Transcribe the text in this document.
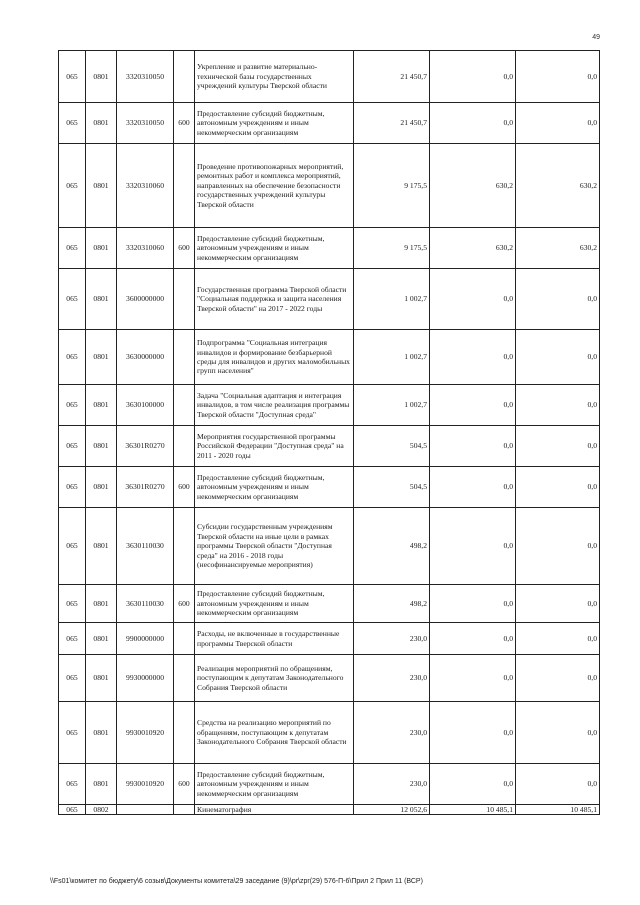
49
065	0801	3320310050		Укрепление и развитие материально-технической базы государственных учреждений культуры Тверской области	21 450,7	0,0	0,0
065	0801	3320310050	600	Предоставление субсидий бюджетным, автономным учреждениям и иным некоммерческим организациям	21 450,7	0,0	0,0
065	0801	3320310060		Проведение противопожарных мероприятий, ремонтных работ и комплекса мероприятий, направленных на обеспечение безопасности государственных учреждений культуры Тверской области	9 175,5	630,2	630,2
065	0801	3320310060	600	Предоставление субсидий бюджетным, автономным учреждениям и иным некоммерческим организациям	9 175,5	630,2	630,2
065	0801	3600000000		Государственная программа Тверской области "Социальная поддержка и защита населения Тверской области" на 2017 - 2022 годы	1 002,7	0,0	0,0
065	0801	3630000000		Подпрограмма "Социальная интеграция инвалидов и формирование безбарьерной среды для инвалидов и других маломобильных групп населения"	1 002,7	0,0	0,0
065	0801	3630100000		Задача "Социальная адаптация и интеграция инвалидов, в том числе реализация программы Тверской области "Доступная среда"	1 002,7	0,0	0,0
065	0801	36301R0270		Мероприятия государственной программы Российской Федерации "Доступная среда" на 2011 - 2020 годы	504,5	0,0	0,0
065	0801	36301R0270	600	Предоставление субсидий бюджетным, автономным учреждениям и иным некоммерческим организациям	504,5	0,0	0,0
065	0801	3630110030		Субсидии государственным учреждениям Тверской области на иные цели в рамках программы Тверской области "Доступная среда" на 2016 - 2018 годы (несофинансируемые мероприятия)	498,2	0,0	0,0
065	0801	3630110030	600	Предоставление субсидий бюджетным, автономным учреждениям и иным некоммерческим организациям	498,2	0,0	0,0
065	0801	9900000000		Расходы, не включенные в государственные программы Тверской области	230,0	0,0	0,0
065	0801	9930000000		Реализация мероприятий по обращениям, поступающим к депутатам Законодательного Собрания Тверской области	230,0	0,0	0,0
065	0801	9930010920		Средства на реализацию мероприятий по обращениям, поступающим к депутатам Законодательного Собрания Тверской области	230,0	0,0	0,0
065	0801	9930010920	600	Предоставление субсидий бюджетным, автономным учреждениям и иным некоммерческим организациям	230,0	0,0	0,0
065	0802			Кинематография	12 052,6	10 485,1	10 485,1
\\Fs01\комитет по бюджету\6 созыв\Документы комитета\29 заседание (9)\pr\zpr(29) 576-П-6\Прил 2 Прил 11 (ВСР)
